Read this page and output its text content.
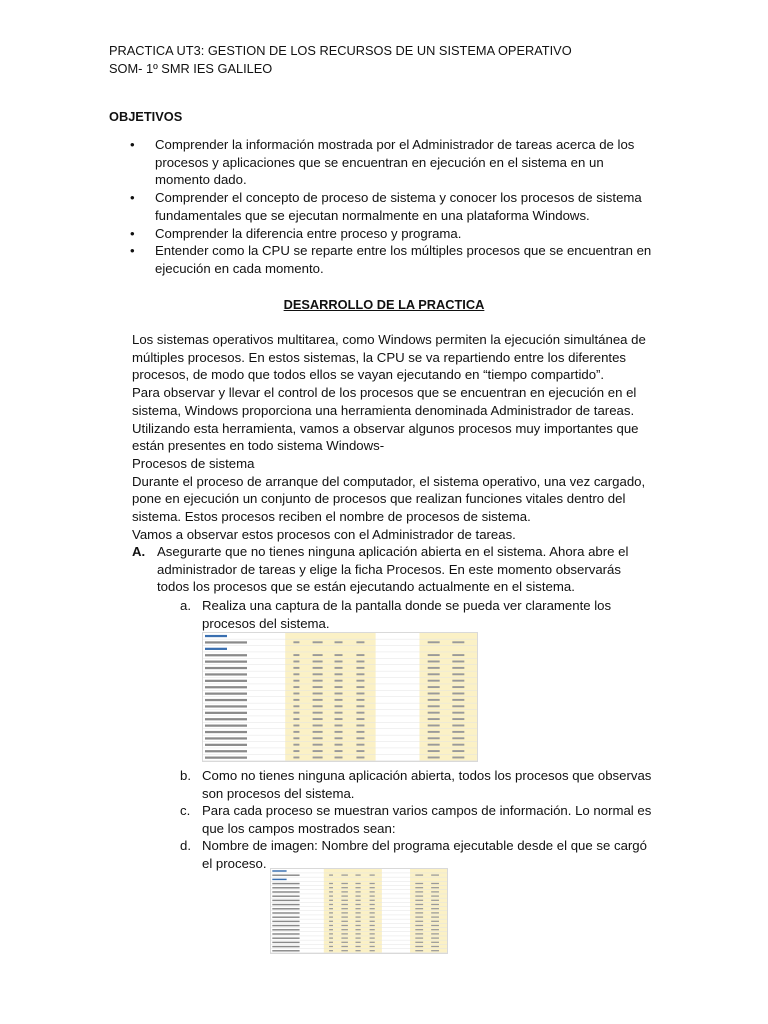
PRACTICA UT3: GESTION DE LOS RECURSOS DE UN SISTEMA OPERATIVO
SOM- 1º SMR IES GALILEO
OBJETIVOS
• Comprender la información mostrada por el Administrador de tareas acerca de los procesos y aplicaciones que se encuentran en ejecución en el sistema en un momento dado.
• Comprender el concepto de proceso de sistema y conocer los procesos de sistema fundamentales que se ejecutan normalmente en una plataforma Windows.
• Comprender la diferencia entre proceso y programa.
• Entender como la CPU se reparte entre los múltiples procesos que se encuentran en ejecución en cada momento.
DESARROLLO DE LA PRACTICA

Los sistemas operativos multitarea, como Windows permiten la ejecución simultánea de múltiples procesos. En estos sistemas, la CPU se va repartiendo entre los diferentes procesos, de modo que todos ellos se vayan ejecutando en “tiempo compartido”.

Para observar y llevar el control de los procesos que se encuentran en ejecución en el sistema, Windows proporciona una herramienta denominada Administrador de tareas. Utilizando esta herramienta, vamos a observar algunos procesos muy importantes que están presentes en todo sistema Windows-

Procesos de sistema

Durante el proceso de arranque del computador, el sistema operativo, una vez cargado, pone en ejecución un conjunto de procesos que realizan funciones vitales dentro del sistema. Estos procesos reciben el nombre de procesos de sistema.

Vamos a observar estos procesos con el Administrador de tareas.

A. Asegurarte que no tienes ninguna aplicación abierta en el sistema. Ahora abre el administrador de tareas y elige la ficha Procesos. En este momento observarás todos los procesos que se están ejecutando actualmente en el sistema.
a. Realiza una captura de la pantalla donde se pueda ver claramente los procesos del sistema.
b. Como no tienes ninguna aplicación abierta, todos los procesos que observas son procesos del sistema.
c. Para cada proceso se muestran varios campos de información. Lo normal es que los campos mostrados sean:
d. Nombre de imagen: Nombre del programa ejecutable desde el que se cargó el proceso.
